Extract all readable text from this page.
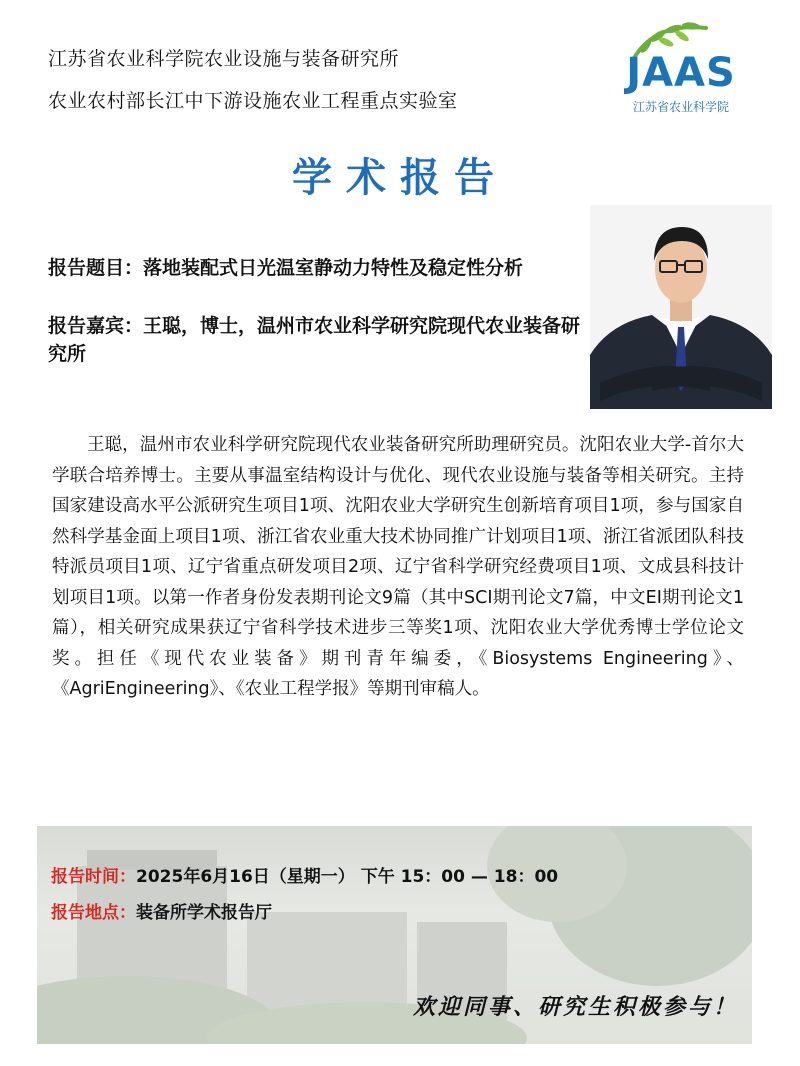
江苏省农业科学院农业设施与装备研究所
农业农村部长江中下游设施农业工程重点实验室
JAAS
江苏省农业科学院
学术报告
报告题目：落地装配式日光温室静动力特性及稳定性分析
报告嘉宾：王聪，博士，温州市农业科学研究院现代农业装备研究所

王聪，温州市农业科学研究院现代农业装备研究所助理研究员。沈阳农业大学-首尔大学联合培养博士。主要从事温室结构设计与优化、现代农业设施与装备等相关研究。主持国家建设高水平公派研究生项目1项、沈阳农业大学研究生创新培育项目1项，参与国家自然科学基金面上项目1项、浙江省农业重大技术协同推广计划项目1项、浙江省派团队科技特派员项目1项、辽宁省重点研发项目2项、辽宁省科学研究经费项目1项、文成县科技计划项目1项。以第一作者身份发表期刊论文9篇（其中SCI期刊论文7篇，中文EI期刊论文1篇），相关研究成果获辽宁省科学技术进步三等奖1项、沈阳农业大学优秀博士学位论文奖。担任《现代农业装备》期刊青年编委，《Biosystems Engineering》、《AgriEngineering》、《农业工程学报》等期刊审稿人。

报告时间：2025年6月16日（星期一） 下午 15：00 — 18：00
报告地点：装备所学术报告厅
欢迎同事、研究生积极参与！
